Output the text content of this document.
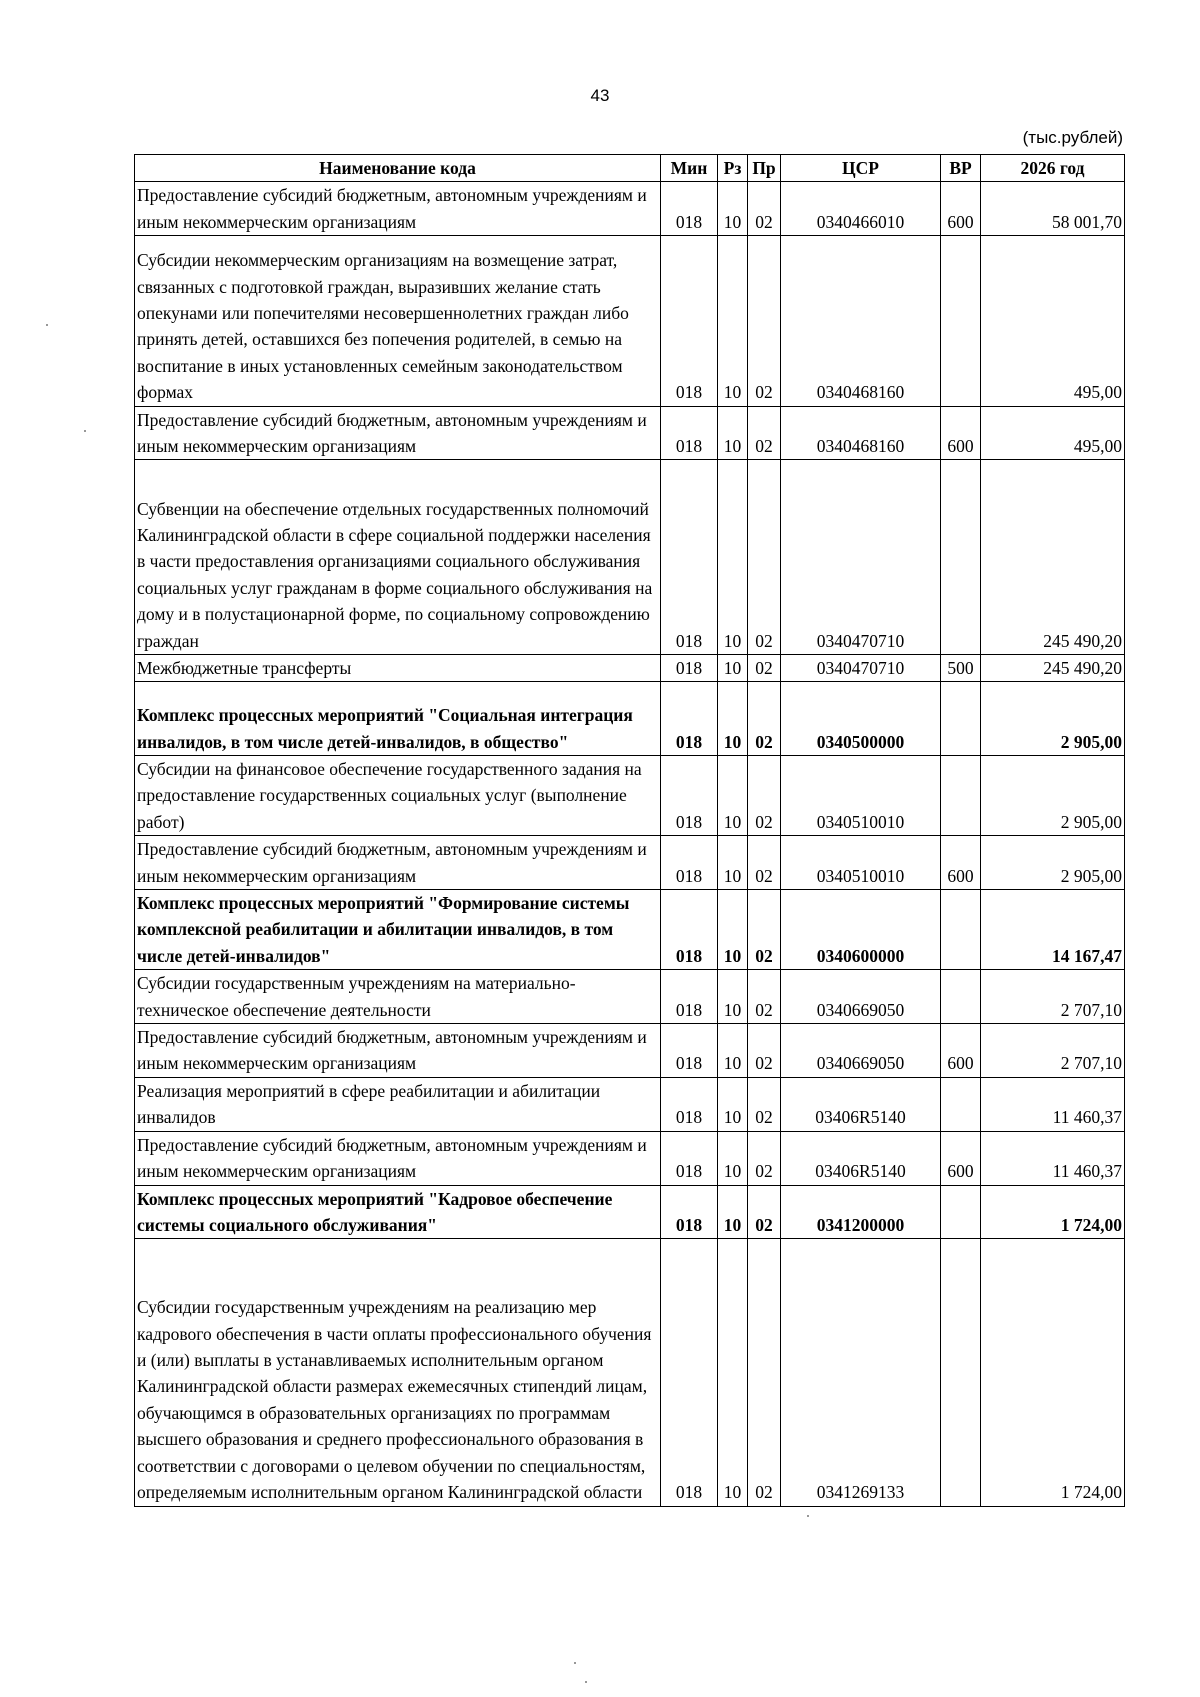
43
(тыс.рублей)
Наименование кода	Мин	Рз	Пр	ЦСР	ВР	2026 год
Предоставление субсидий бюджетным, автономным учреждениям и иным некоммерческим организациям	018	10	02	0340466010	600	58 001,70
Субсидии некоммерческим организациям на возмещение затрат, связанных с подготовкой граждан, выразивших желание стать опекунами или попечителями несовершеннолетних граждан либо принять детей, оставшихся без попечения родителей, в семью на воспитание в иных установленных семейным законодательством формах	018	10	02	0340468160		495,00
Предоставление субсидий бюджетным, автономным учреждениям и иным некоммерческим организациям	018	10	02	0340468160	600	495,00
Субвенции на обеспечение отдельных государственных полномочий Калининградской области в сфере социальной поддержки населения в части предоставления организациями социального обслуживания социальных услуг гражданам в форме социального обслуживания на дому и в полустационарной форме, по социальному сопровождению граждан	018	10	02	0340470710		245 490,20
Межбюджетные трансферты	018	10	02	0340470710	500	245 490,20
Комплекс процессных мероприятий "Социальная интеграция инвалидов, в том числе детей-инвалидов, в общество"	018	10	02	0340500000		2 905,00
Субсидии на финансовое обеспечение государственного задания на предоставление государственных социальных услуг (выполнение работ)	018	10	02	0340510010		2 905,00
Предоставление субсидий бюджетным, автономным учреждениям и иным некоммерческим организациям	018	10	02	0340510010	600	2 905,00
Комплекс процессных мероприятий "Формирование системы комплексной реабилитации и абилитации инвалидов, в том числе детей-инвалидов"	018	10	02	0340600000		14 167,47
Субсидии государственным учреждениям на материально-техническое обеспечение деятельности	018	10	02	0340669050		2 707,10
Предоставление субсидий бюджетным, автономным учреждениям и иным некоммерческим организациям	018	10	02	0340669050	600	2 707,10
Реализация мероприятий в сфере реабилитации и абилитации инвалидов	018	10	02	03406R5140		11 460,37
Предоставление субсидий бюджетным, автономным учреждениям и иным некоммерческим организациям	018	10	02	03406R5140	600	11 460,37
Комплекс процессных мероприятий "Кадровое обеспечение системы социального обслуживания"	018	10	02	0341200000		1 724,00
Субсидии государственным учреждениям на реализацию мер кадрового обеспечения в части оплаты профессионального обучения и (или) выплаты в устанавливаемых исполнительным органом Калининградской области размерах ежемесячных стипендий лицам, обучающимся в образовательных организациях по программам высшего образования и среднего профессионального образования в соответствии с договорами о целевом обучении по специальностям, определяемым исполнительным органом Калининградской области	018	10	02	0341269133		1 724,00
